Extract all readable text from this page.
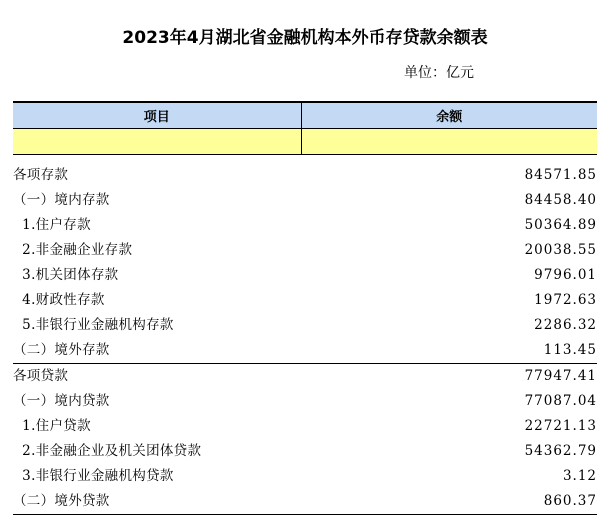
2023年4月湖北省金融机构本外币存贷款余额表
单位：亿元
项目	余额

各项存款	84571.85
（一）境内存款	84458.40
1.住户存款	50364.89
2.非金融企业存款	20038.55
3.机关团体存款	9796.01
4.财政性存款	1972.63
5.非银行业金融机构存款	2286.32
（二）境外存款	113.45
各项贷款	77947.41
（一）境内贷款	77087.04
1.住户贷款	22721.13
2.非金融企业及机关团体贷款	54362.79
3.非银行业金融机构贷款	3.12
（二）境外贷款	860.37
